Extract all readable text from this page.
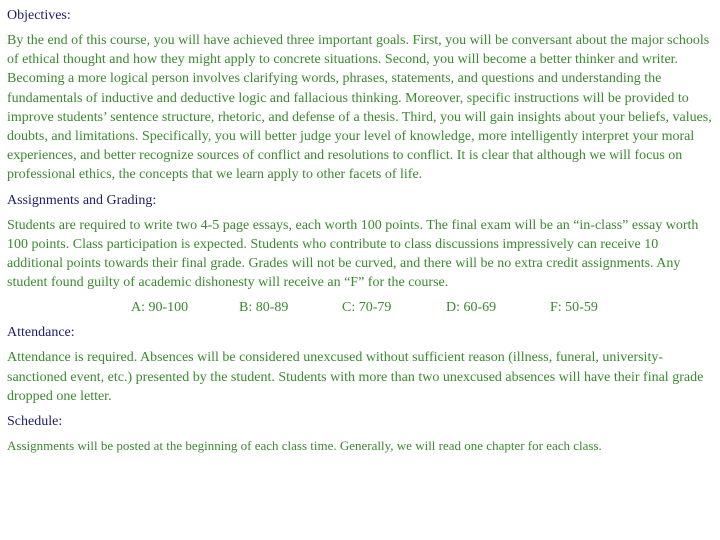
Objectives:
By the end of this course, you will have achieved three important goals. First, you will be conversant about the major schools of ethical thought and how they might apply to concrete situations. Second, you will become a better thinker and writer. Becoming a more logical person involves clarifying words, phrases, statements, and questions and understanding the fundamentals of inductive and deductive logic and fallacious thinking. Moreover, specific instructions will be provided to improve students’ sentence structure, rhetoric, and defense of a thesis. Third, you will gain insights about your beliefs, values, doubts, and limitations. Specifically, you will better judge your level of knowledge, more intelligently interpret your moral experiences, and better recognize sources of conflict and resolutions to conflict. It is clear that although we will focus on professional ethics, the concepts that we learn apply to other facets of life.
Assignments and Grading:
Students are required to write two 4-5 page essays, each worth 100 points. The final exam will be an “in-class” essay worth 100 points. Class participation is expected. Students who contribute to class discussions impressively can receive 10 additional points towards their final grade. Grades will not be curved, and there will be no extra credit assignments. Any student found guilty of academic dishonesty will receive an “F” for the course.
A: 90-100	B: 80-89	C: 70-79	D: 60-69	F: 50-59
Attendance:
Attendance is required. Absences will be considered unexcused without sufficient reason (illness, funeral, university-sanctioned event, etc.) presented by the student. Students with more than two unexcused absences will have their final grade dropped one letter.
Schedule:
Assignments will be posted at the beginning of each class time. Generally, we will read one chapter for each class.
